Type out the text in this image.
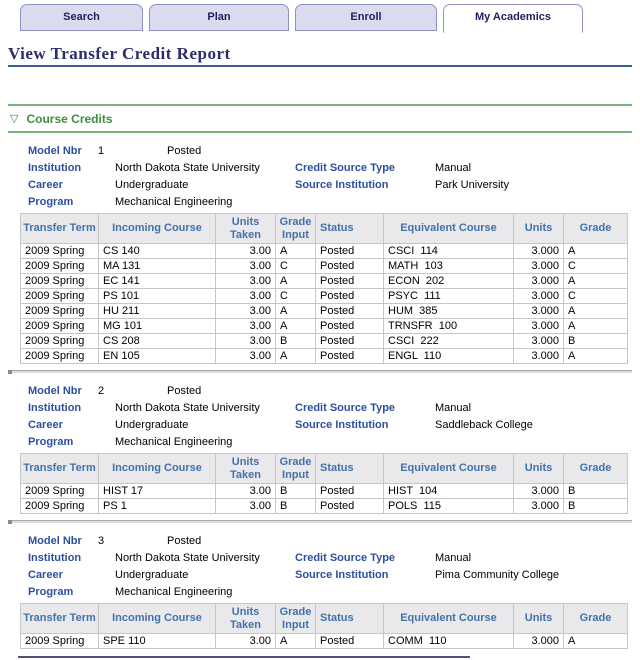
Search	Plan	Enroll	My Academics
View Transfer Credit Report
▽ Course Credits
Model Nbr	1	Posted
Institution	North Dakota State University	Credit Source Type	Manual
Career	Undergraduate	Source Institution	Park University
Program	Mechanical Engineering
Transfer Term	Incoming Course	Units Taken	Grade Input	Status	Equivalent Course	Units	Grade
2009 Spring	CS 140	3.00	A	Posted	CSCI  114	3.000	A
2009 Spring	MA 131	3.00	C	Posted	MATH  103	3.000	C
2009 Spring	EC 141	3.00	A	Posted	ECON  202	3.000	A
2009 Spring	PS 101	3.00	C	Posted	PSYC  111	3.000	C
2009 Spring	HU 211	3.00	A	Posted	HUM  385	3.000	A
2009 Spring	MG 101	3.00	A	Posted	TRNSFR  100	3.000	A
2009 Spring	CS 208	3.00	B	Posted	CSCI  222	3.000	B
2009 Spring	EN 105	3.00	A	Posted	ENGL  110	3.000	A
Model Nbr	2	Posted
Institution	North Dakota State University	Credit Source Type	Manual
Career	Undergraduate	Source Institution	Saddleback College
Program	Mechanical Engineering
Transfer Term	Incoming Course	Units Taken	Grade Input	Status	Equivalent Course	Units	Grade
2009 Spring	HIST 17	3.00	B	Posted	HIST  104	3.000	B
2009 Spring	PS 1	3.00	B	Posted	POLS  115	3.000	B
Model Nbr	3	Posted
Institution	North Dakota State University	Credit Source Type	Manual
Career	Undergraduate	Source Institution	Pima Community College
Program	Mechanical Engineering
Transfer Term	Incoming Course	Units Taken	Grade Input	Status	Equivalent Course	Units	Grade
2009 Spring	SPE 110	3.00	A	Posted	COMM  110	3.000	A
